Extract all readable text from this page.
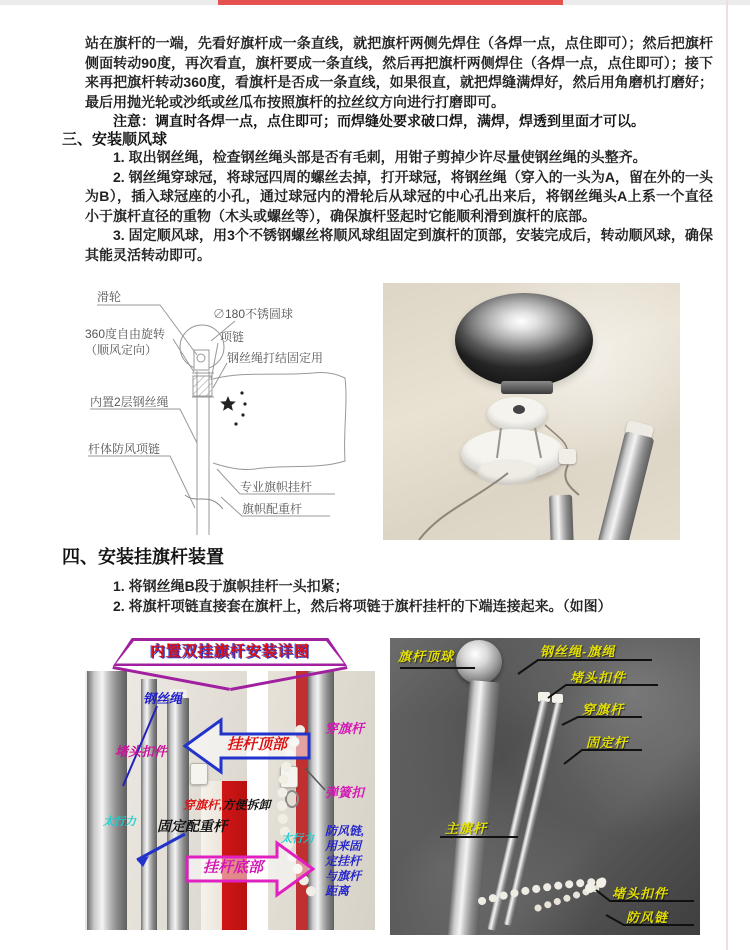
站在旗杆的一端，先看好旗杆成一条直线，就把旗杆两侧先焊住（各焊一点，点住即可）；然后把旗杆侧面转动90度，再次看直，旗杆要成一条直线，然后再把旗杆两侧焊住（各焊一点，点住即可）；接下来再把旗杆转动360度，看旗杆是否成一条直线，如果很直，就把焊缝满焊好，然后用角磨机打磨好；最后用抛光轮或沙纸或丝瓜布按照旗杆的拉丝纹方向进行打磨即可。
注意：调直时各焊一点，点住即可；而焊缝处要求破口焊，满焊，焊透到里面才可以。
三、安装顺风球

1. 取出钢丝绳，检查钢丝绳头部是否有毛刺，用钳子剪掉少许尽量使钢丝绳的头整齐。

2. 钢丝绳穿球冠，将球冠四周的螺丝去掉，打开球冠，将钢丝绳（穿入的一头为A，留在外的一头为B），插入球冠座的小孔，通过球冠内的滑轮后从球冠的中心孔出来后，将钢丝绳头A上系一个直径小于旗杆直径的重物（木头或螺丝等），确保旗杆竖起时它能顺利滑到旗杆的底部。

3. 固定顺风球，用3个不锈钢螺丝将顺风球组固定到旗杆的顶部，安装完成后，转动顺风球，确保其能灵活转动即可。

滑轮
∅180不锈圆球
360度自由旋转
（顺风定向）
项链
钢丝绳打结固定用
内置2层钢丝绳
杆体防风项链
专业旗帜挂杆
旗帜配重杆
四、安装挂旗杆装置

1. 将钢丝绳B段于旗帜挂杆一头扣紧；

2. 将旗杆项链直接套在旗杆上，然后将项链于旗杆挂杆的下端连接起来。（如图）

内置双挂旗杆安装详图
挂杆顶部
挂杆底部
钢丝绳
堵头扣件
穿旗杆
弹簧扣
穿旗杆,方便拆卸
固定配重杆	防风链,
用来固
定挂杆
与旗杆
距离
太行力
太行力
旗杆顶球	钢丝绳-旗绳
堵头扣件
穿旗杆
固定杆
主旗杆
堵头扣件
防风链
